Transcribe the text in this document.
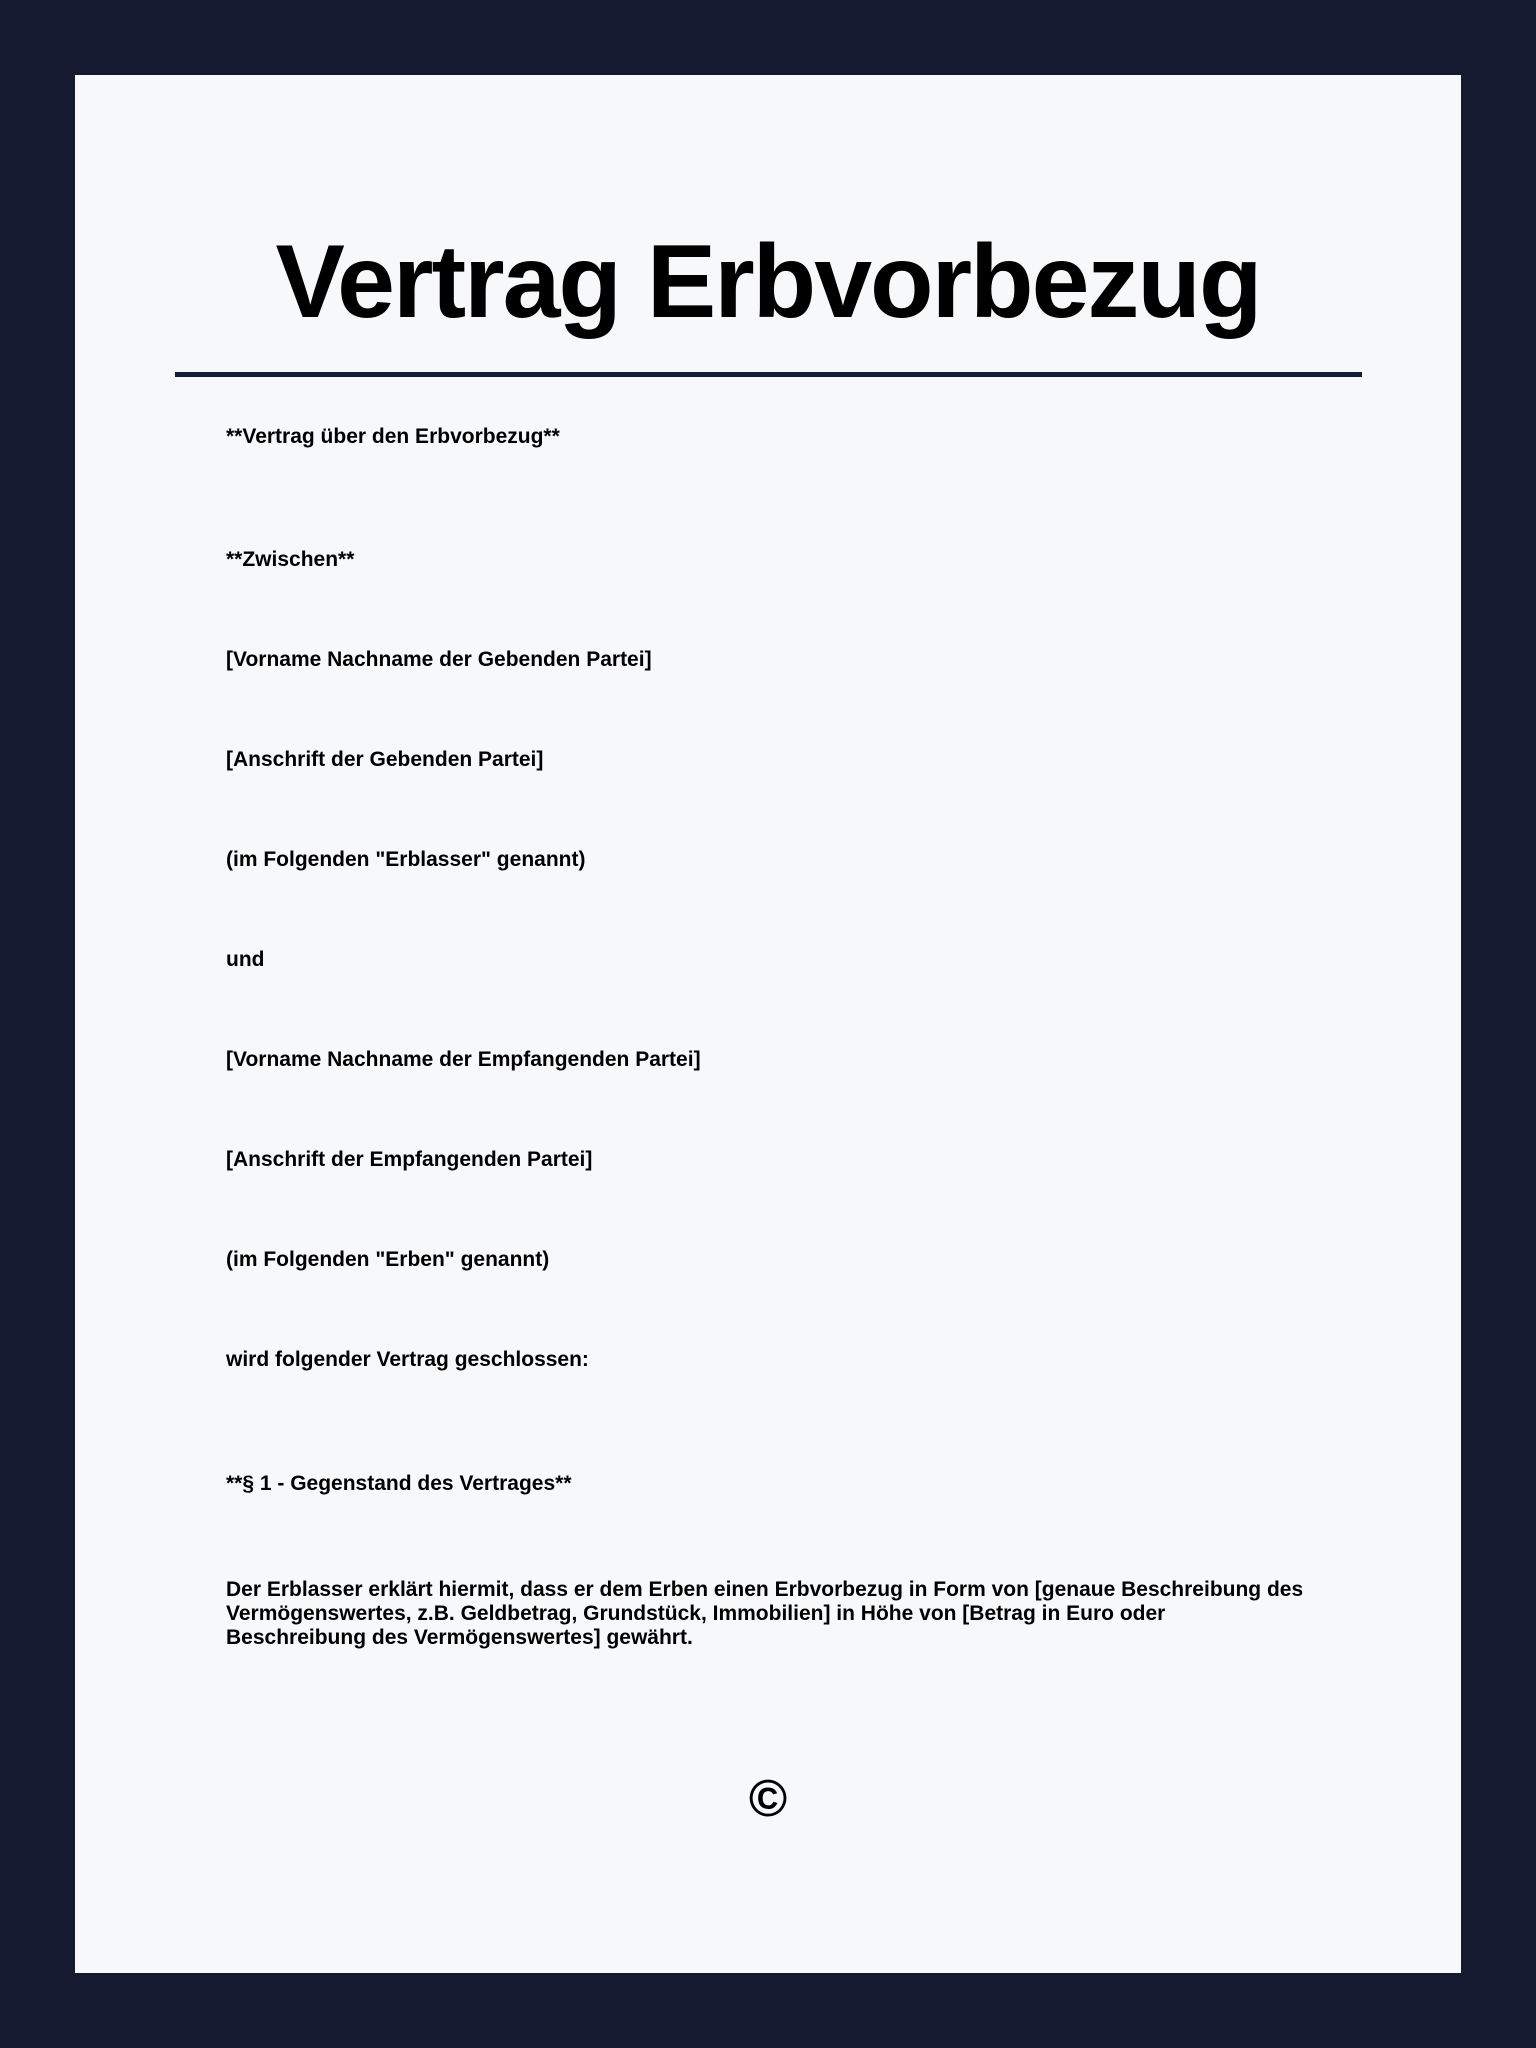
Vertrag Erbvorbezug

**Vertrag über den Erbvorbezug**

**Zwischen**

[Vorname Nachname der Gebenden Partei]

[Anschrift der Gebenden Partei]

(im Folgenden "Erblasser" genannt)

und

[Vorname Nachname der Empfangenden Partei]

[Anschrift der Empfangenden Partei]

(im Folgenden "Erben" genannt)

wird folgender Vertrag geschlossen:

**§ 1 - Gegenstand des Vertrages**

Der Erblasser erklärt hiermit, dass er dem Erben einen Erbvorbezug in Form von [genaue Beschreibung des Vermögenswertes, z.B. Geldbetrag, Grundstück, Immobilien] in Höhe von [Betrag in Euro oder Beschreibung des Vermögenswertes] gewährt.

©
